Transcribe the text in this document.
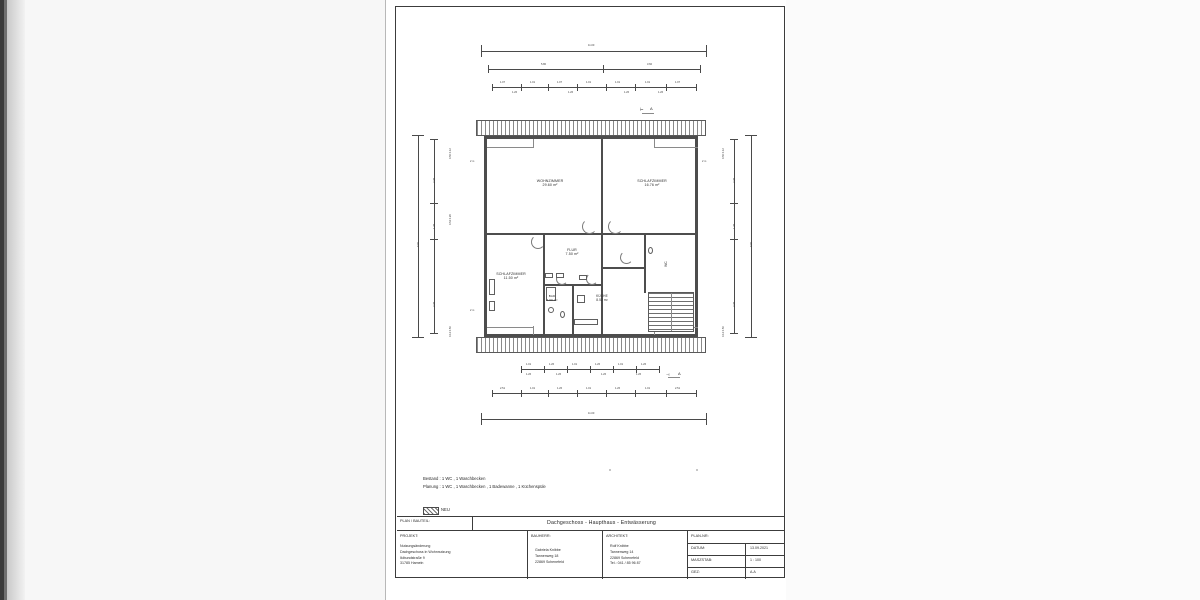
11.00
5.80	3.60
1.07	1.01	1.07	1.01	1.01	1.01	1.07
1.26	1.26	1.26	1.26
⊢ A
9.00
2.26
1.26
2.26
0.50 0.12
0.52 0.26
0.12 0.50
9.00
2.26
1.26
2.26
0.50 0.12
0.12 0.50
2 m	2 m
2 m
WOHNZIMMER
29.60 m²
SCHLAFZIMMER
16.76 m²
SCHLAFZIMMER
11.50 m²
FLUR
7.50 m²
KÜCHE
8.52 m²
BAD
4.60 m²
WC
⊣ A
1.01	1.26	1.01	1.26	1.01	1.26
1.26	1.26	1.26	1.26
2.51	1.01	1.26	1.01	1.26	1.01	2.51
11.00
Bestand : 1 WC , 1 Waschbecken
Planung : 1 WC , 1 Waschbecken , 1 Badewanne , 1 Küchenspüle
NEU
PLAN / BAUTEIL:	Dachgeschoss - Haupthaus - Entwässerung
PROJEKT:
Nutzungsänderung
Dachgeschoss in Wohnnutzung
Ikibundstraße 9
31785 Hameln
BAUHERR:
Gabriela Knibbe
Tannenweg 18
22869 Schenefeld
ARCHITEKT:
Rolf Knibbe
Tannenweg 14
22869 Schenefeld
Tel.: 041 / 85 96 87
PLAN-NR:
DATUM:	13.09.2021
MASZSTAB:	1 : 100
GEZ:	A.A
